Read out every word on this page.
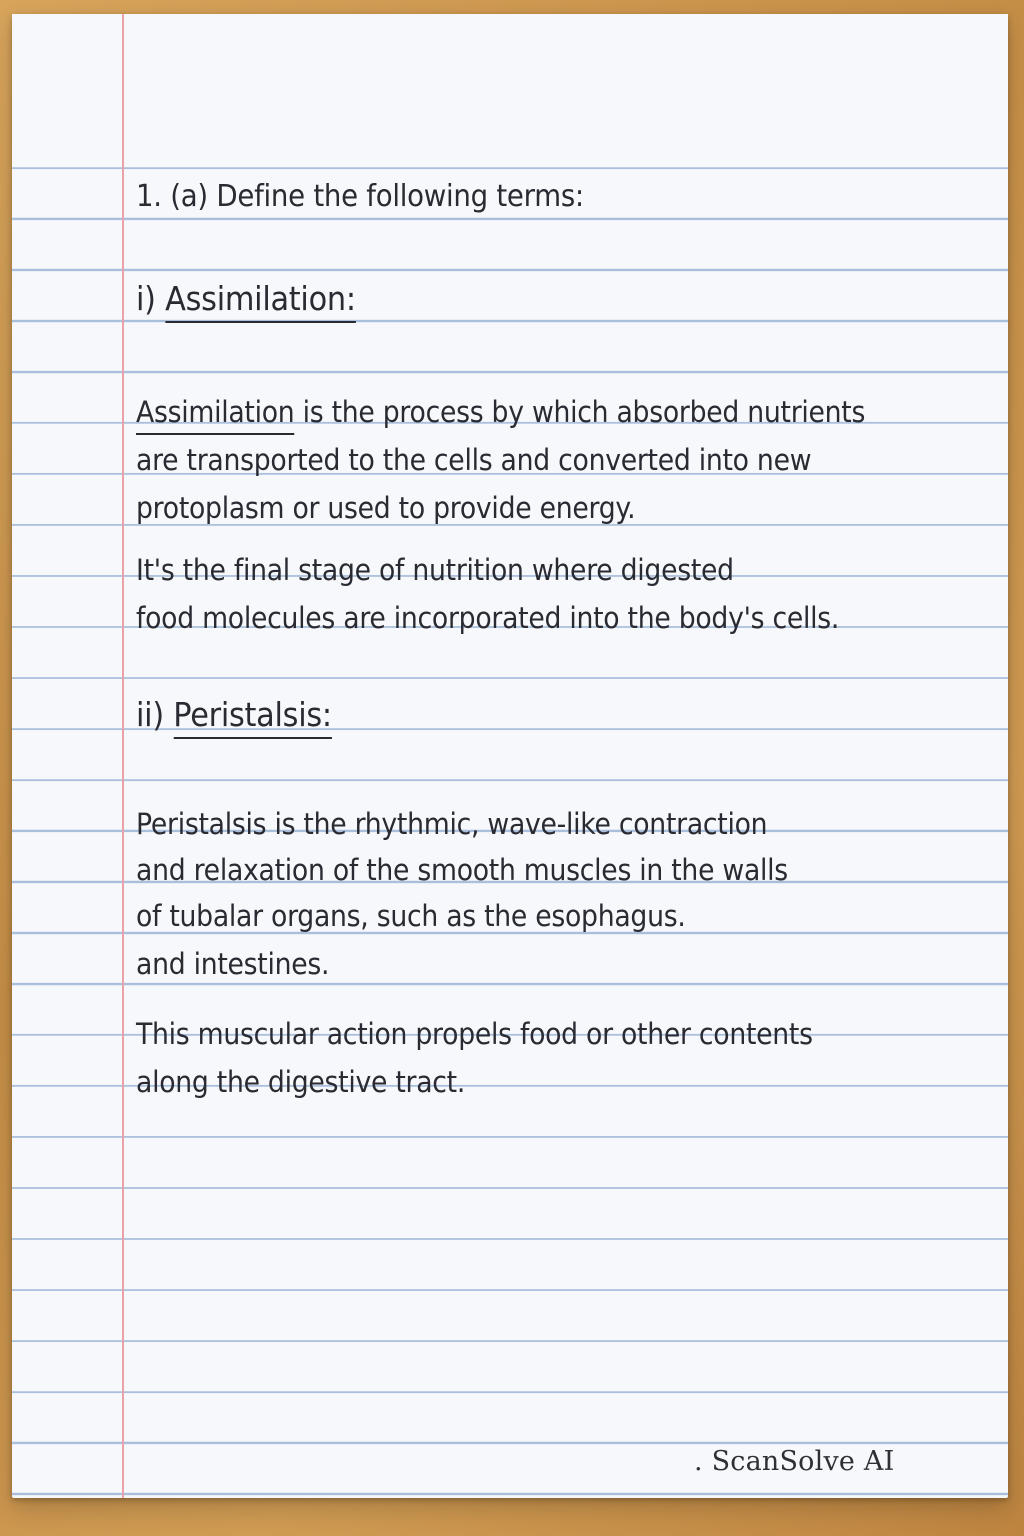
1. (a) Define the following terms:
i) Assimilation:
Assimilation is the process by which absorbed nutrients
are transported to the cells and converted into new
protoplasm or used to provide energy.
It's the final stage of nutrition where digested
food molecules are incorporated into the body's cells.
ii) Peristalsis:
Peristalsis is the rhythmic, wave-like contraction
and relaxation of the smooth muscles in the walls
of tubalar organs, such as the esophagus.
and intestines.
This muscular action propels food or other contents
along the digestive tract.
. ScanSolve AI
